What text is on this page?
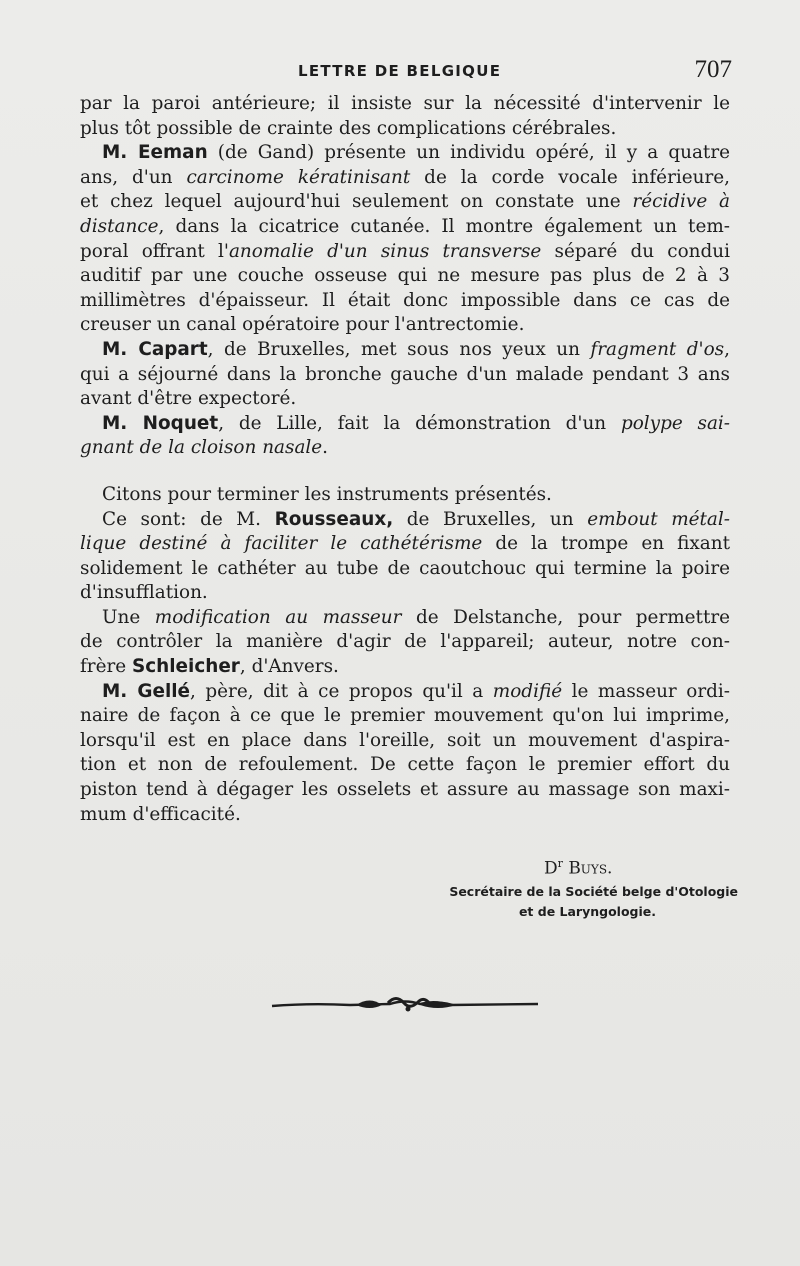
LETTRE DE BELGIQUE	707
par la paroi antérieure; il insiste sur la nécessité d'intervenir le
plus tôt possible de crainte des complications cérébrales.
M. Eeman (de Gand) présente un individu opéré, il y a quatre
ans, d'un carcinome kératinisant de la corde vocale inférieure,
et chez lequel aujourd'hui seulement on constate une récidive à
distance, dans la cicatrice cutanée. Il montre également un tem-
poral offrant l'anomalie d'un sinus transverse séparé du condui
auditif par une couche osseuse qui ne mesure pas plus de 2 à 3
millimètres d'épaisseur. Il était donc impossible dans ce cas de
creuser un canal opératoire pour l'antrectomie.
M. Capart, de Bruxelles, met sous nos yeux un fragment d'os,
qui a séjourné dans la bronche gauche d'un malade pendant 3 ans
avant d'être expectoré.
M. Noquet, de Lille, fait la démonstration d'un polype sai-
gnant de la cloison nasale.
Citons pour terminer les instruments présentés.
Ce sont: de M. Rousseaux, de Bruxelles, un embout métal-
lique destiné à faciliter le cathétérisme de la trompe en fixant
solidement le cathéter au tube de caoutchouc qui termine la poire
d'insufflation.
Une modification au masseur de Delstanche, pour permettre
de contrôler la manière d'agir de l'appareil; auteur, notre con-
frère Schleicher, d'Anvers.
M. Gellé, père, dit à ce propos qu'il a modifié le masseur ordi-
naire de façon à ce que le premier mouvement qu'on lui imprime,
lorsqu'il est en place dans l'oreille, soit un mouvement d'aspira-
tion et non de refoulement. De cette façon le premier effort du
piston tend à dégager les osselets et assure au massage son maxi-
mum d'efficacité.
$D^r$ Buys.
Secrétaire de la Société belge d'Otologie
et de Laryngologie.
